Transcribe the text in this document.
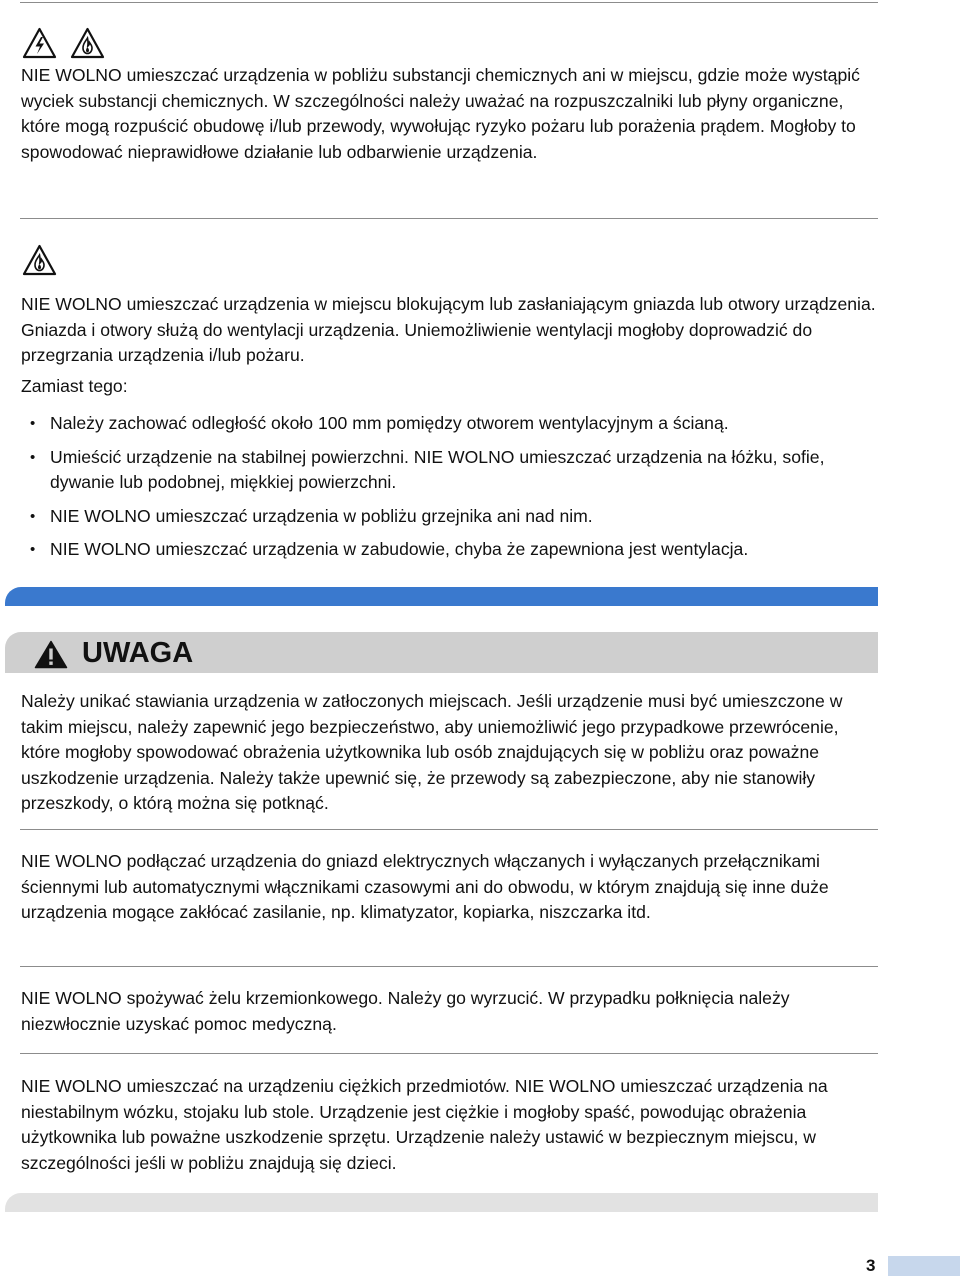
NIE WOLNO umieszczać urządzenia w pobliżu substancji chemicznych ani w miejscu, gdzie może wystąpić wyciek substancji chemicznych. W szczególności należy uważać na rozpuszczalniki lub płyny organiczne, które mogą rozpuścić obudowę i/lub przewody, wywołując ryzyko pożaru lub porażenia prądem. Mogłoby to spowodować nieprawidłowe działanie lub odbarwienie urządzenia.

NIE WOLNO umieszczać urządzenia w miejscu blokującym lub zasłaniającym gniazda lub otwory urządzenia. Gniazda i otwory służą do wentylacji urządzenia. Uniemożliwienie wentylacji mogłoby doprowadzić do przegrzania urządzenia i/lub pożaru.

Zamiast tego:

• Należy zachować odległość około 100 mm pomiędzy otworem wentylacyjnym a ścianą.
• Umieścić urządzenie na stabilnej powierzchni. NIE WOLNO umieszczać urządzenia na łóżku, sofie, dywanie lub podobnej, miękkiej powierzchni.
• NIE WOLNO umieszczać urządzenia w pobliżu grzejnika ani nad nim.
• NIE WOLNO umieszczać urządzenia w zabudowie, chyba że zapewniona jest wentylacja.
UWAGA

Należy unikać stawiania urządzenia w zatłoczonych miejscach. Jeśli urządzenie musi być umieszczone w takim miejscu, należy zapewnić jego bezpieczeństwo, aby uniemożliwić jego przypadkowe przewrócenie, które mogłoby spowodować obrażenia użytkownika lub osób znajdujących się w pobliżu oraz poważne uszkodzenie urządzenia. Należy także upewnić się, że przewody są zabezpieczone, aby nie stanowiły przeszkody, o którą można się potknąć.

NIE WOLNO podłączać urządzenia do gniazd elektrycznych włączanych i wyłączanych przełącznikami ściennymi lub automatycznymi włącznikami czasowymi ani do obwodu, w którym znajdują się inne duże urządzenia mogące zakłócać zasilanie, np. klimatyzator, kopiarka, niszczarka itd.

NIE WOLNO spożywać żelu krzemionkowego. Należy go wyrzucić. W przypadku połknięcia należy niezwłocznie uzyskać pomoc medyczną.

NIE WOLNO umieszczać na urządzeniu ciężkich przedmiotów. NIE WOLNO umieszczać urządzenia na niestabilnym wózku, stojaku lub stole. Urządzenie jest ciężkie i mogłoby spaść, powodując obrażenia użytkownika lub poważne uszkodzenie sprzętu. Urządzenie należy ustawić w bezpiecznym miejscu, w szczególności jeśli w pobliżu znajdują się dzieci.

3
